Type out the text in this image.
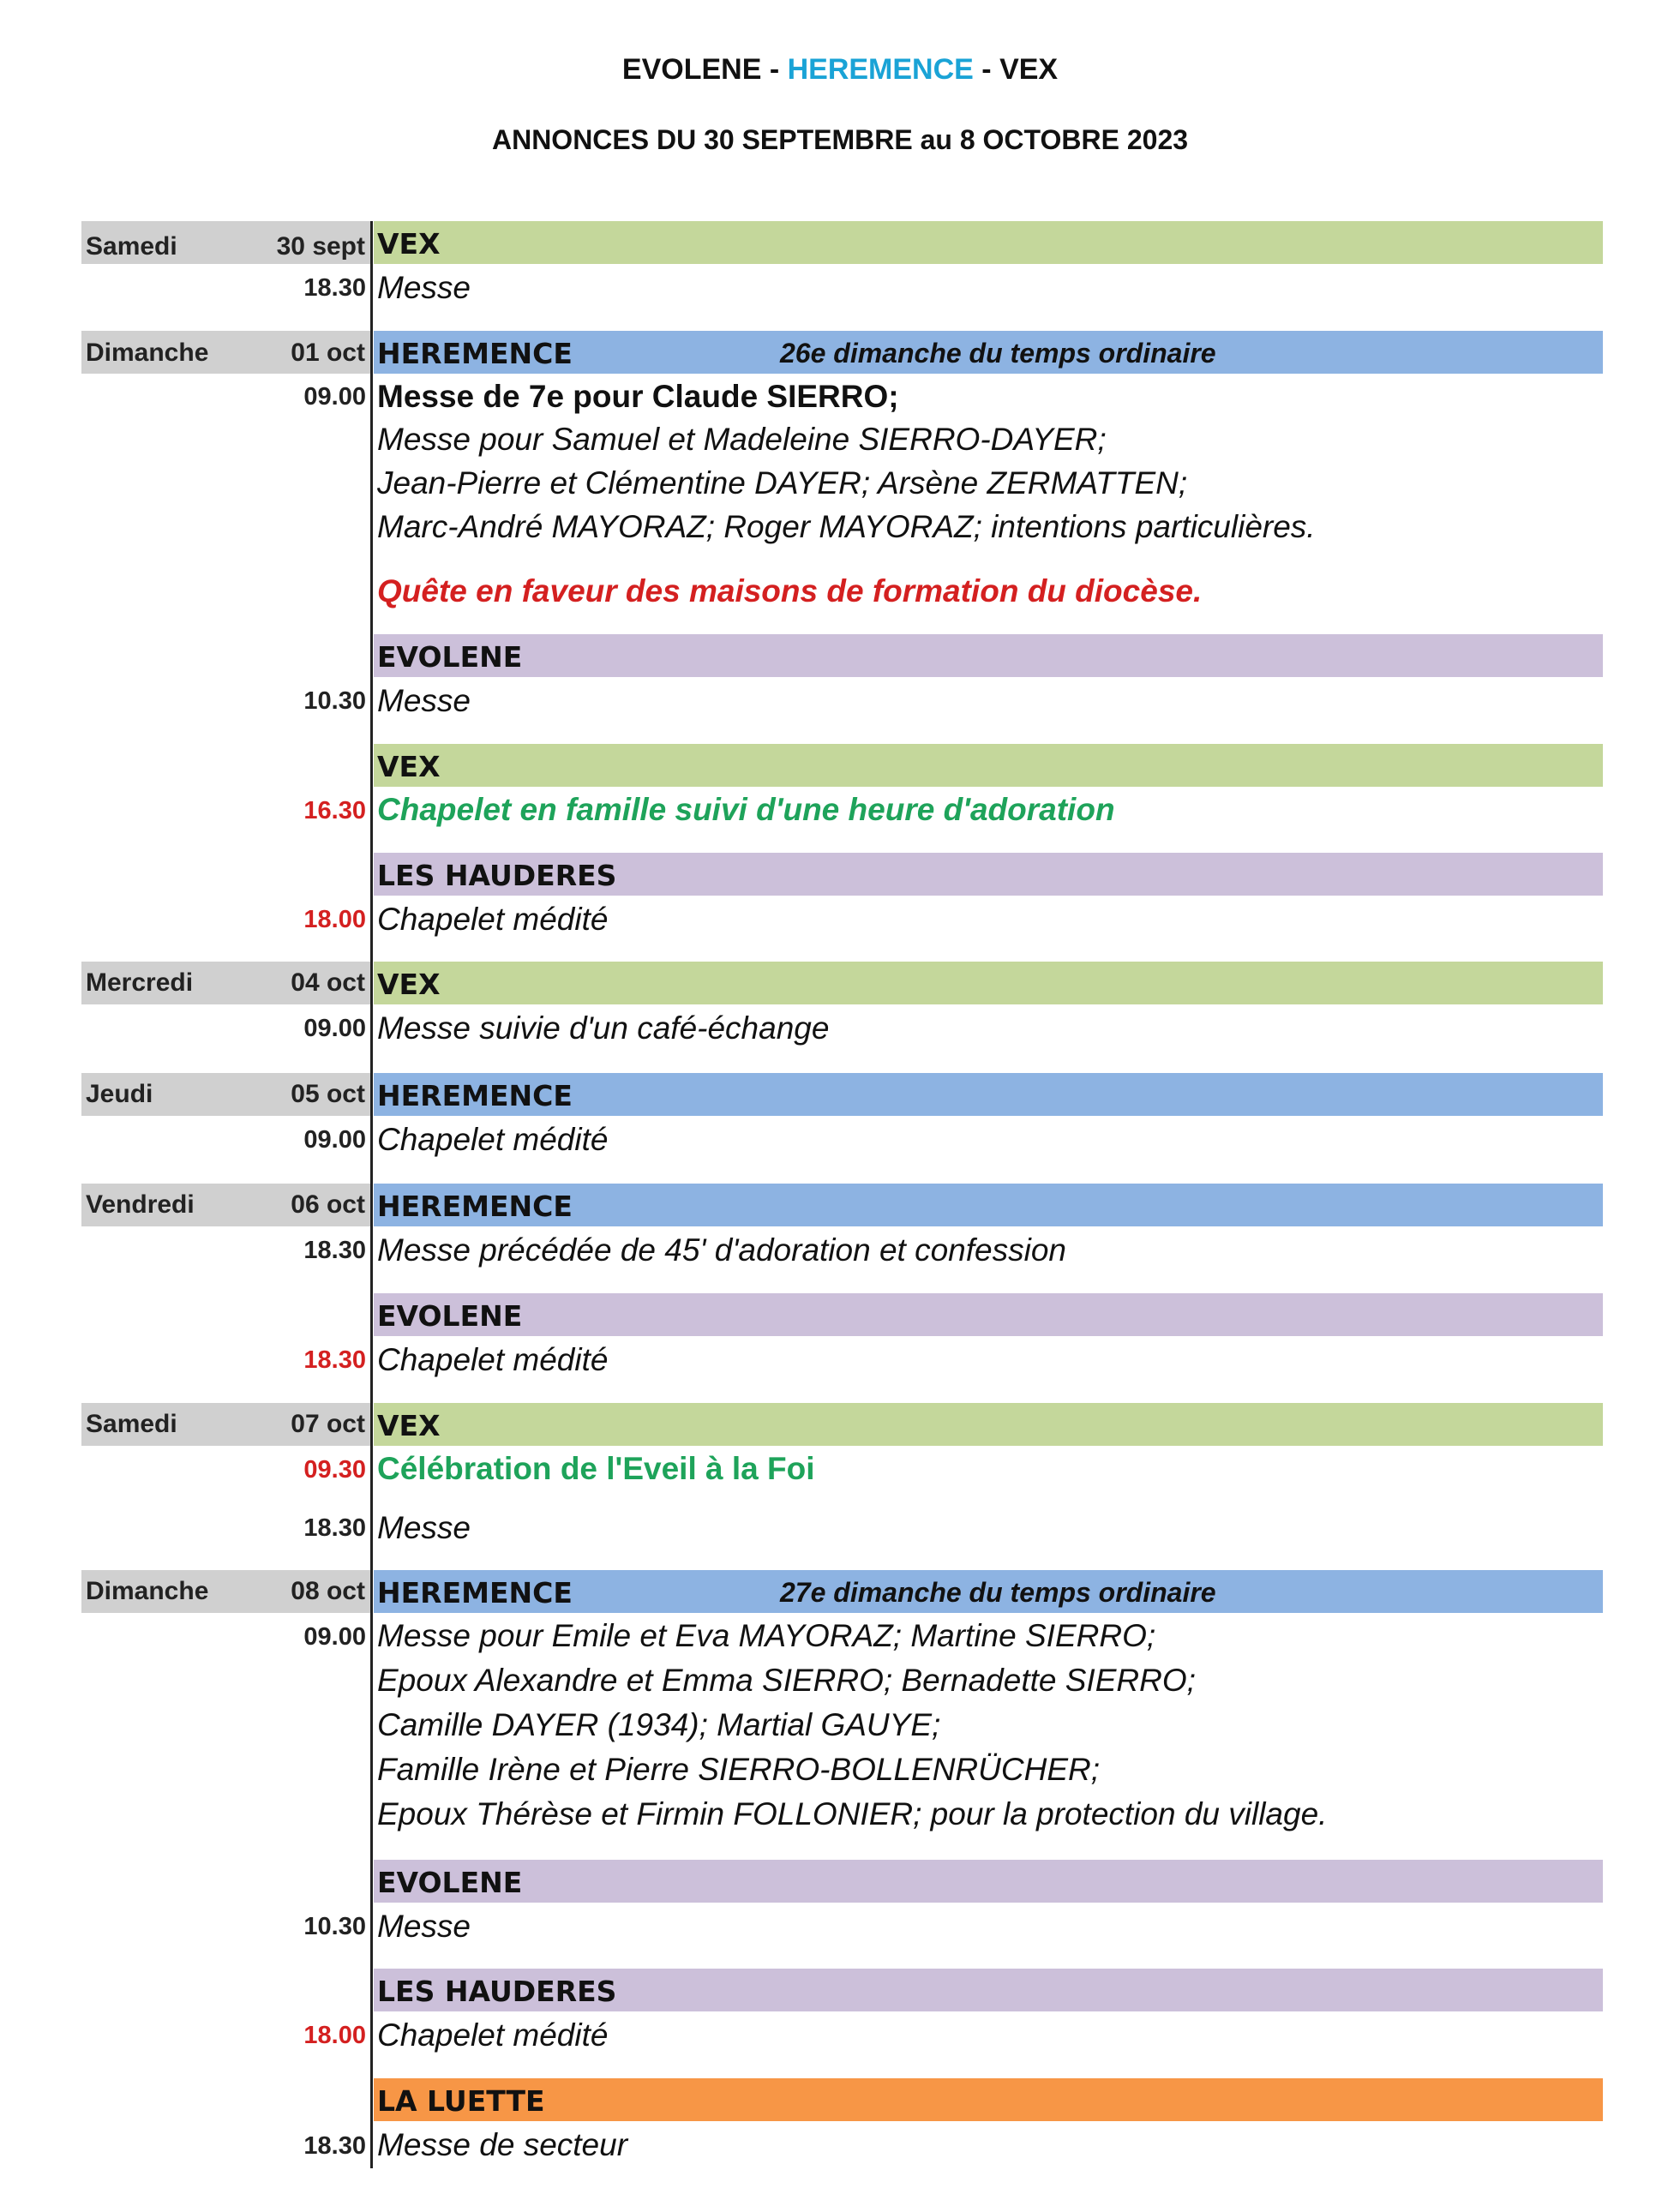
EVOLENE - HEREMENCE - VEX
ANNONCES DU 30 SEPTEMBRE au 8 OCTOBRE 2023
Samedi	30 sept VEX
18.30 Messe
Dimanche	01 oct HEREMENCE	26e dimanche du temps ordinaire
09.00 Messe de 7e pour Claude SIERRO;
Messe pour Samuel et Madeleine SIERRO-DAYER;
Jean-Pierre et Clémentine DAYER; Arsène ZERMATTEN;
Marc-André MAYORAZ; Roger MAYORAZ; intentions particulières.
Quête en faveur des maisons de formation du diocèse.
EVOLENE
10.30 Messe
VEX
16.30 Chapelet en famille suivi d'une heure d'adoration
LES HAUDERES
18.00 Chapelet médité
Mercredi	04 oct VEX
09.00 Messe suivie d'un café-échange
Jeudi	05 oct HEREMENCE
09.00 Chapelet médité
Vendredi	06 oct HEREMENCE
18.30 Messe précédée de 45' d'adoration et confession
EVOLENE
18.30 Chapelet médité
Samedi	07 oct VEX
09.30 Célébration de l'Eveil à la Foi
18.30 Messe
Dimanche	08 oct HEREMENCE	27e dimanche du temps ordinaire
09.00 Messe pour Emile et Eva MAYORAZ; Martine SIERRO;
Epoux Alexandre et Emma SIERRO; Bernadette SIERRO;
Camille DAYER (1934); Martial GAUYE;
Famille Irène et Pierre SIERRO-BOLLENRÜCHER;
Epoux Thérèse et Firmin FOLLONIER; pour la protection du village.
EVOLENE
10.30 Messe
LES HAUDERES
18.00 Chapelet médité
LA LUETTE
18.30 Messe de secteur
